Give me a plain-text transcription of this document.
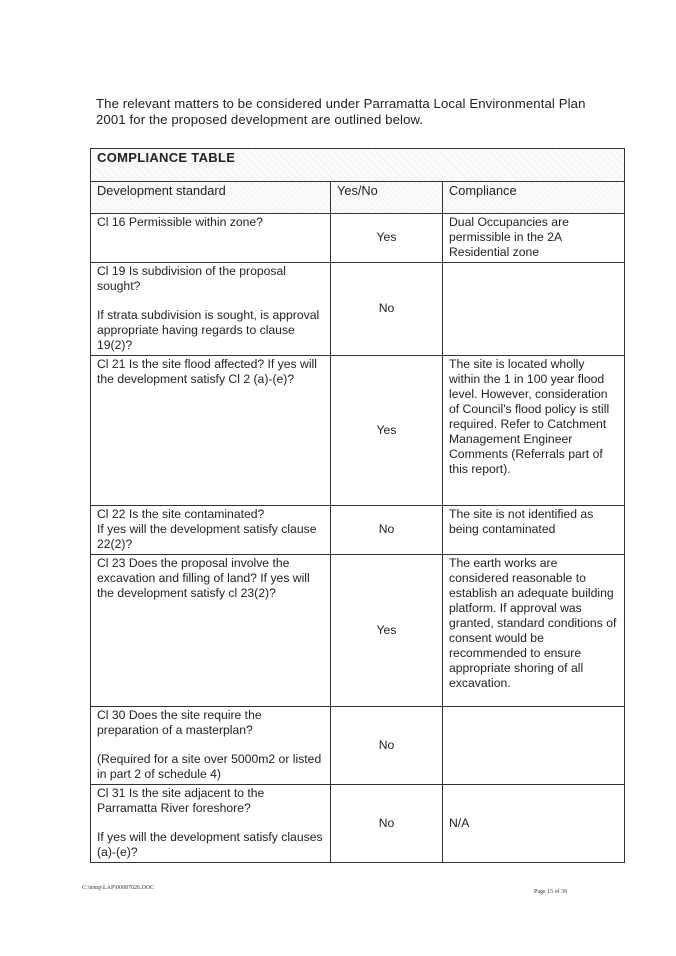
The relevant matters to be considered under Parramatta Local Environmental Plan 2001 for the proposed development are outlined below.
COMPLIANCE TABLE		
Development standard	Yes/No	Compliance

Cl 16 Permissible within zone?	Yes	Dual Occupancies are permissible in the 2A Residential zone

Cl 19 Is subdivision of the proposal sought?
If strata subdivision is sought, is approval appropriate having regards to clause 19(2)?	No	

Cl 21 Is the site flood affected? If yes will the development satisfy Cl 2 (a)-(e)?	Yes	The site is located wholly within the 1 in 100 year flood level. However, consideration of Council's flood policy is still required. Refer to Catchment Management Engineer Comments (Referrals part of this report).

Cl 22 Is the site contaminated?
If yes will the development satisfy clause 22(2)?	No	The site is not identified as being contaminated

Cl 23 Does the proposal involve the excavation and filling of land? If yes will the development satisfy cl 23(2)?	Yes	The earth works are considered reasonable to establish an adequate building platform. If approval was granted, standard conditions of consent would be recommended to ensure appropriate shoring of all excavation.

Cl 30 Does the site require the preparation of a masterplan?
(Required for a site over 5000m2 or listed in part 2 of schedule 4)	No	

Cl 31 Is the site adjacent to the Parramatta River foreshore?
If yes will the development satisfy clauses (a)-(e)?	No	N/A
C:\temp\LAP\00087026.DOC
Page 15 of 39
